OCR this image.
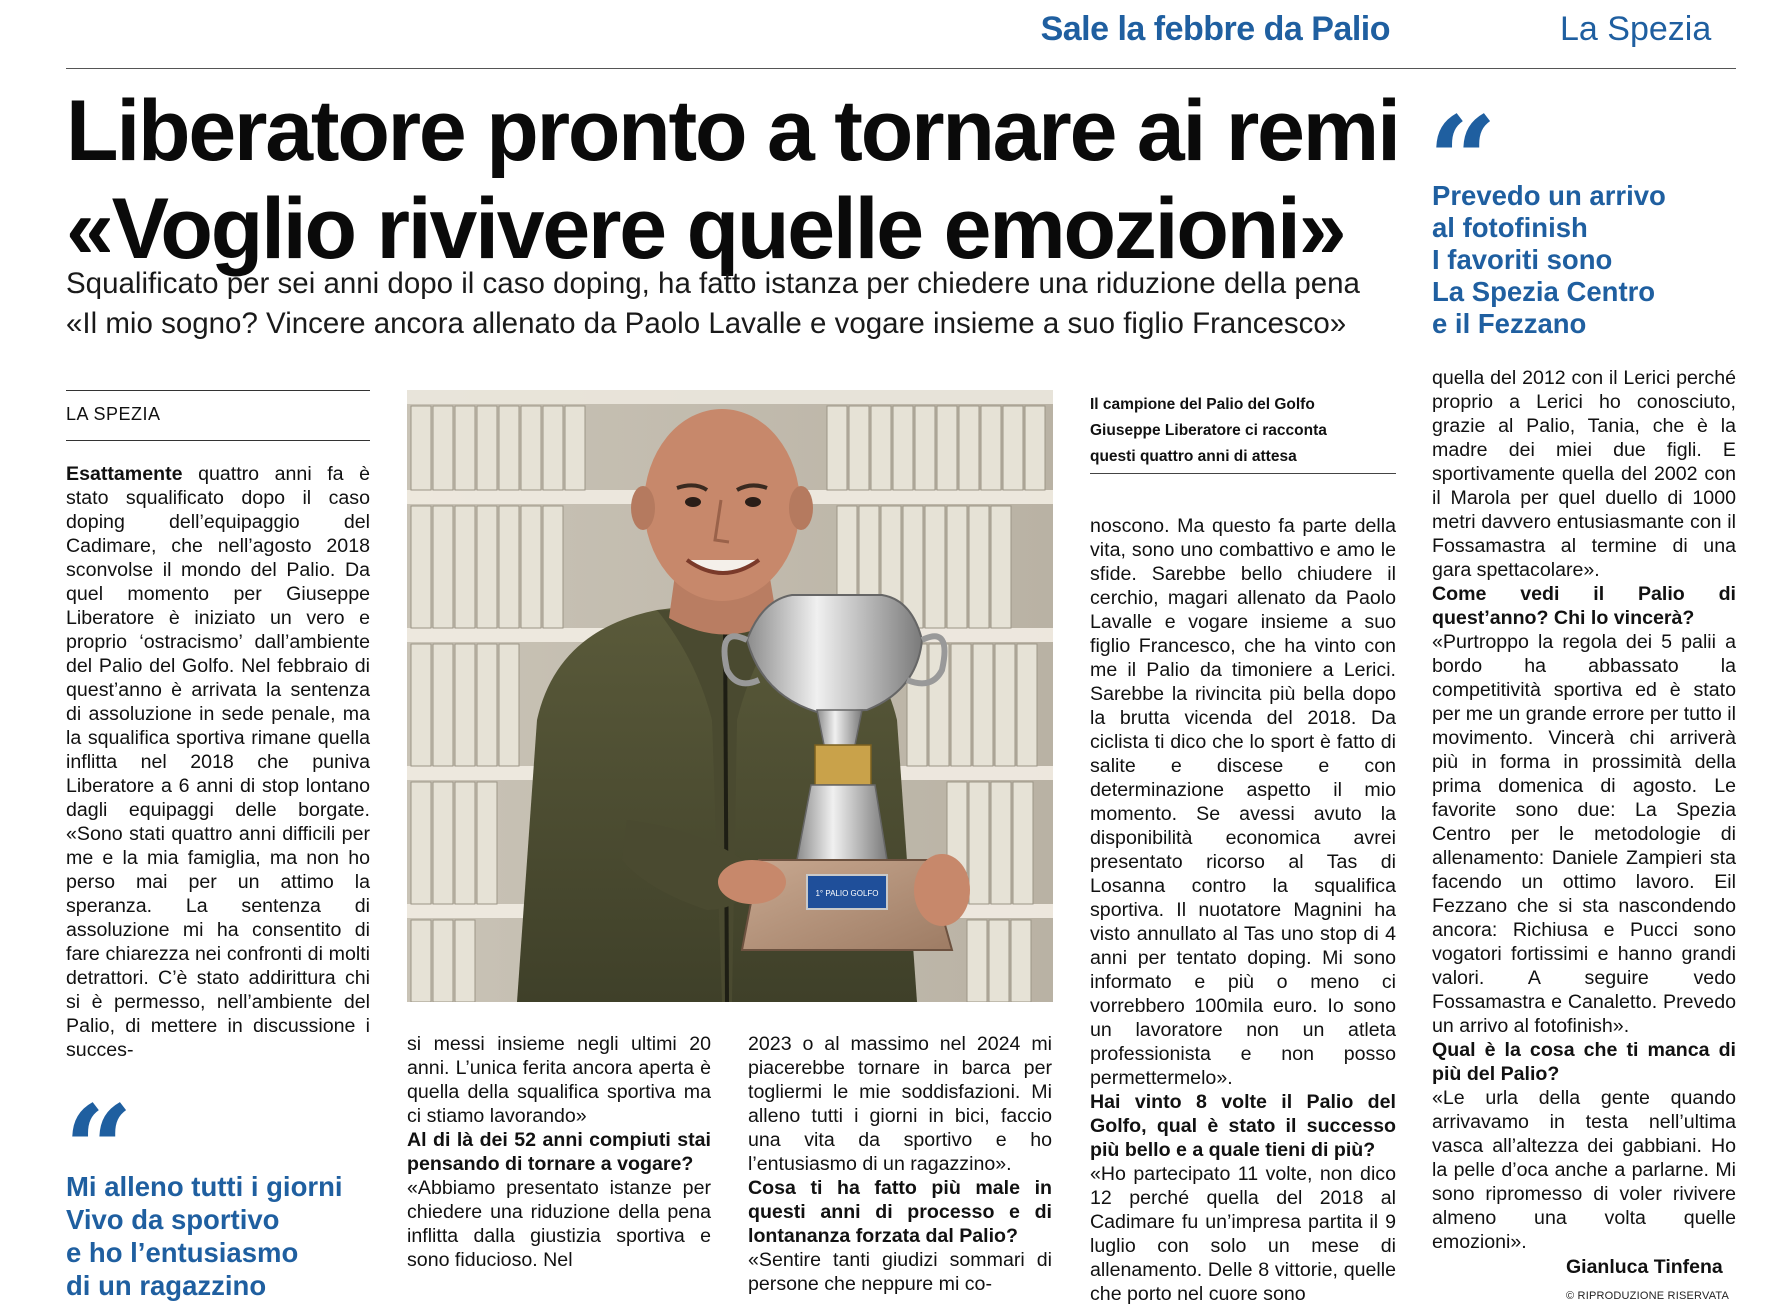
Sale la febbre da Palio	La Spezia
Liberatore pronto a tornare ai remi
«Voglio rivivere quelle emozioni»
Squalificato per sei anni dopo il caso doping, ha fatto istanza per chiedere una riduzione della pena
«Il mio sogno? Vincere ancora allenato da Paolo Lavalle e vogare insieme a suo figlio Francesco»
“
Prevedo un arrivo
al fotofinish
I favoriti sono
La Spezia Centro
e il Fezzano
LA SPEZIA

Esattamente quattro anni fa è stato squalificato dopo il caso doping dell’equipaggio del Cadimare, che nell’agosto 2018 sconvolse il mondo del Palio. Da quel momento per Giuseppe Liberatore è iniziato un vero e proprio ‘ostracismo’ dall’ambiente del Palio del Golfo. Nel febbraio di quest’anno è arrivata la sentenza di assoluzione in sede penale, ma la squalifica sportiva rimane quella inflitta nel 2018 che puniva Liberatore a 6 anni di stop lontano dagli equipaggi delle borgate. «Sono stati quattro anni difficili per me e la mia famiglia, ma non ho perso mai per un attimo la speranza. La sentenza di assoluzione mi ha consentito di fare chiarezza nei confronti di molti detrattori. C’è stato addirittura chi si è permesso, nell’ambiente del Palio, di mettere in discussione i succes-

“
Mi alleno tutti i giorni
Vivo da sportivo
e ho l’entusiasmo
di un ragazzino
1° PALIO GOLFO
Il campione del Palio del Golfo
Giuseppe Liberatore ci racconta
questi quattro anni di attesa

si messi insieme negli ultimi 20 anni. L’unica ferita ancora aperta è quella della squalifica sportiva ma ci stiamo lavorando»

Al di là dei 52 anni compiuti stai pensando di tornare a vogare?

«Abbiamo presentato istanze per chiedere una riduzione della pena inflitta dalla giustizia sportiva e sono fiducioso. Nel

2023 o al massimo nel 2024 mi piacerebbe tornare in barca per togliermi le mie soddisfazioni. Mi alleno tutti i giorni in bici, faccio una vita da sportivo e ho l’entusiasmo di un ragazzino».

Cosa ti ha fatto più male in questi anni di processo e di lontananza forzata dal Palio?

«Sentire tanti giudizi sommari di persone che neppure mi co-

noscono. Ma questo fa parte della vita, sono uno combattivo e amo le sfide. Sarebbe bello chiudere il cerchio, magari allenato da Paolo Lavalle e vogare insieme a suo figlio Francesco, che ha vinto con me il Palio da timoniere a Lerici. Sarebbe la rivincita più bella dopo la brutta vicenda del 2018. Da ciclista ti dico che lo sport è fatto di salite e discese e con determinazione aspetto il mio momento. Se avessi avuto la disponibilità economica avrei presentato ricorso al Tas di Losanna contro la squalifica sportiva. Il nuotatore Magnini ha visto annullato al Tas uno stop di 4 anni per tentato doping. Mi sono informato e più o meno ci vorrebbero 100mila euro. Io sono un lavoratore non un atleta professionista e non posso permettermelo».

Hai vinto 8 volte il Palio del Golfo, qual è stato il successo più bello e a quale tieni di più?

«Ho partecipato 11 volte, non dico 12 perché quella del 2018 al Cadimare fu un’impresa partita il 9 luglio con solo un mese di allenamento. Delle 8 vittorie, quelle che porto nel cuore sono

quella del 2012 con il Lerici perché proprio a Lerici ho conosciuto, grazie al Palio, Tania, che è la madre dei miei due figli. E sportivamente quella del 2002 con il Marola per quel duello di 1000 metri davvero entusiasmante con il Fossamastra al termine di una gara spettacolare».

Come vedi il Palio di quest’anno? Chi lo vincerà?

«Purtroppo la regola dei 5 palii a bordo ha abbassato la competitività sportiva ed è stato per me un grande errore per tutto il movimento. Vincerà chi arriverà più in forma in prossimità della prima domenica di agosto. Le favorite sono due: La Spezia Centro per le metodologie di allenamento: Daniele Zampieri sta facendo un ottimo lavoro. Eil Fezzano che si sta nascondendo ancora: Richiusa e Pucci sono vogatori fortissimi e hanno grandi valori. A seguire vedo Fossamastra e Canaletto. Prevedo un arrivo al fotofinish».

Qual è la cosa che ti manca di più del Palio?

«Le urla della gente quando arrivavamo in testa nell’ultima vasca all’altezza dei gabbiani. Ho la pelle d’oca anche a parlarne. Mi sono ripromesso di voler rivivere almeno una volta quelle emozioni».

Gianluca Tinfena
© RIPRODUZIONE RISERVATA
